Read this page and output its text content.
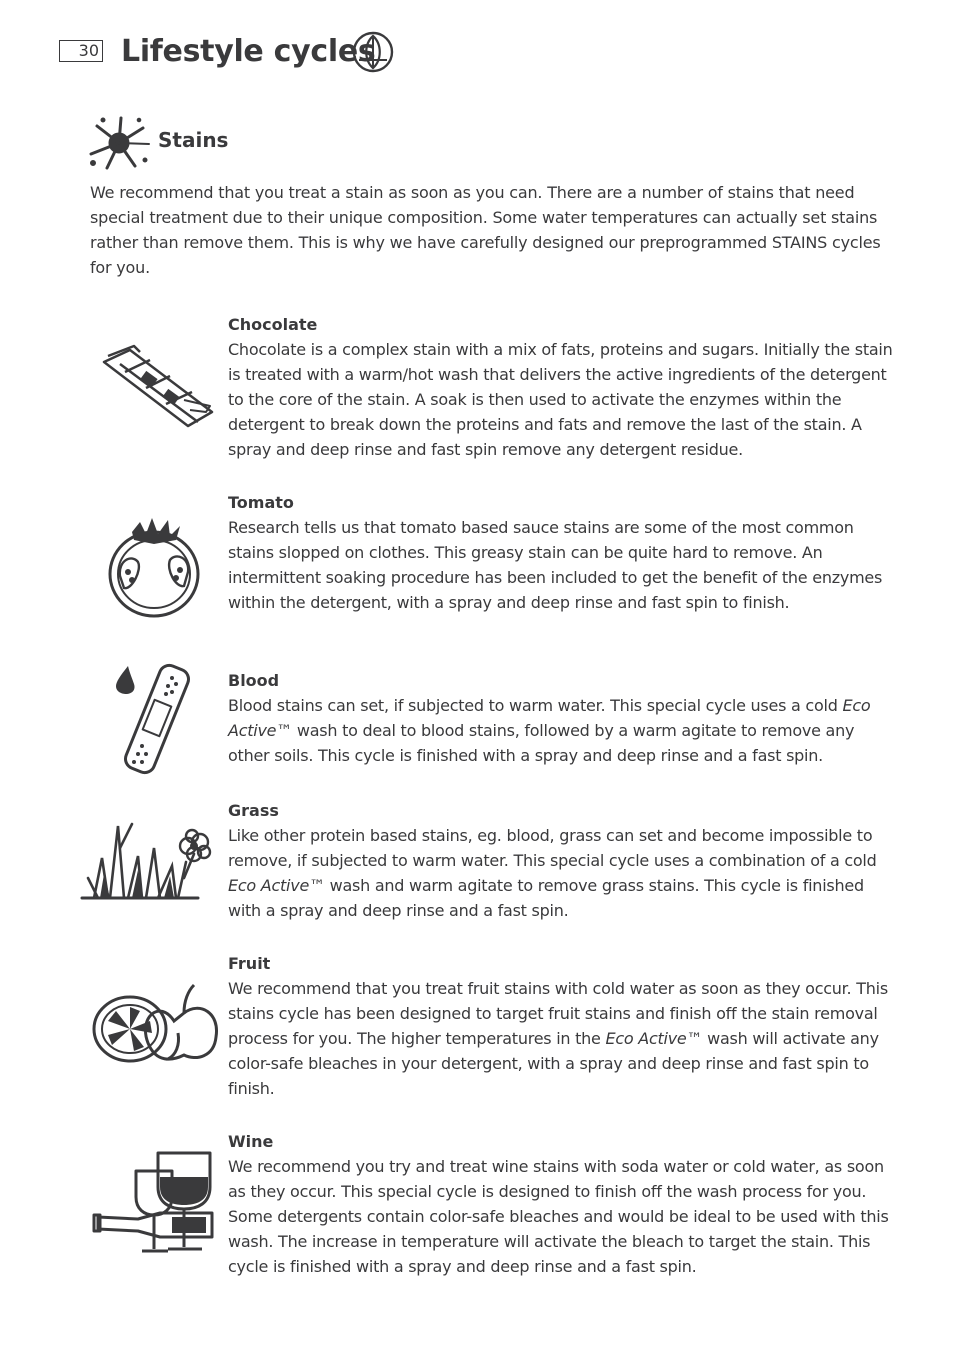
30 Lifestyle cycles
Stains

We recommend that you treat a stain as soon as you can. There are a number of stains that need special treatment due to their unique composition. Some water temperatures can actually set stains rather than remove them. This is why we have carefully designed our preprogrammed STAINS cycles for you.

Chocolate

Chocolate is a complex stain with a mix of fats, proteins and sugars. Initially the stain is treated with a warm/hot wash that delivers the active ingredients of the detergent to the core of the stain. A soak is then used to activate the enzymes within the detergent to break down the proteins and fats and remove the last of the stain. A spray and deep rinse and fast spin remove any detergent residue.

Tomato

Research tells us that tomato based sauce stains are some of the most common stains slopped on clothes. This greasy stain can be quite hard to remove. An intermittent soaking procedure has been included to get the benefit of the enzymes within the detergent, with a spray and deep rinse and fast spin to finish.

Blood

Blood stains can set, if subjected to warm water. This special cycle uses a cold Eco Active™ wash to deal to blood stains, followed by a warm agitate to remove any other soils. This cycle is finished with a spray and deep rinse and a fast spin.

Grass

Like other protein based stains, eg. blood, grass can set and become impossible to remove, if subjected to warm water. This special cycle uses a combination of a cold Eco Active™ wash and warm agitate to remove grass stains. This cycle is finished with a spray and deep rinse and a fast spin.

Fruit

We recommend that you treat fruit stains with cold water as soon as they occur. This stains cycle has been designed to target fruit stains and finish off the stain removal process for you. The higher temperatures in the Eco Active™ wash will activate any color-safe bleaches in your detergent, with a spray and deep rinse and fast spin to finish.

Wine

We recommend you try and treat wine stains with soda water or cold water, as soon as they occur. This special cycle is designed to finish off the wash process for you. Some detergents contain color-safe bleaches and would be ideal to be used with this wash. The increase in temperature will activate the bleach to target the stain. This cycle is finished with a spray and deep rinse and a fast spin.
